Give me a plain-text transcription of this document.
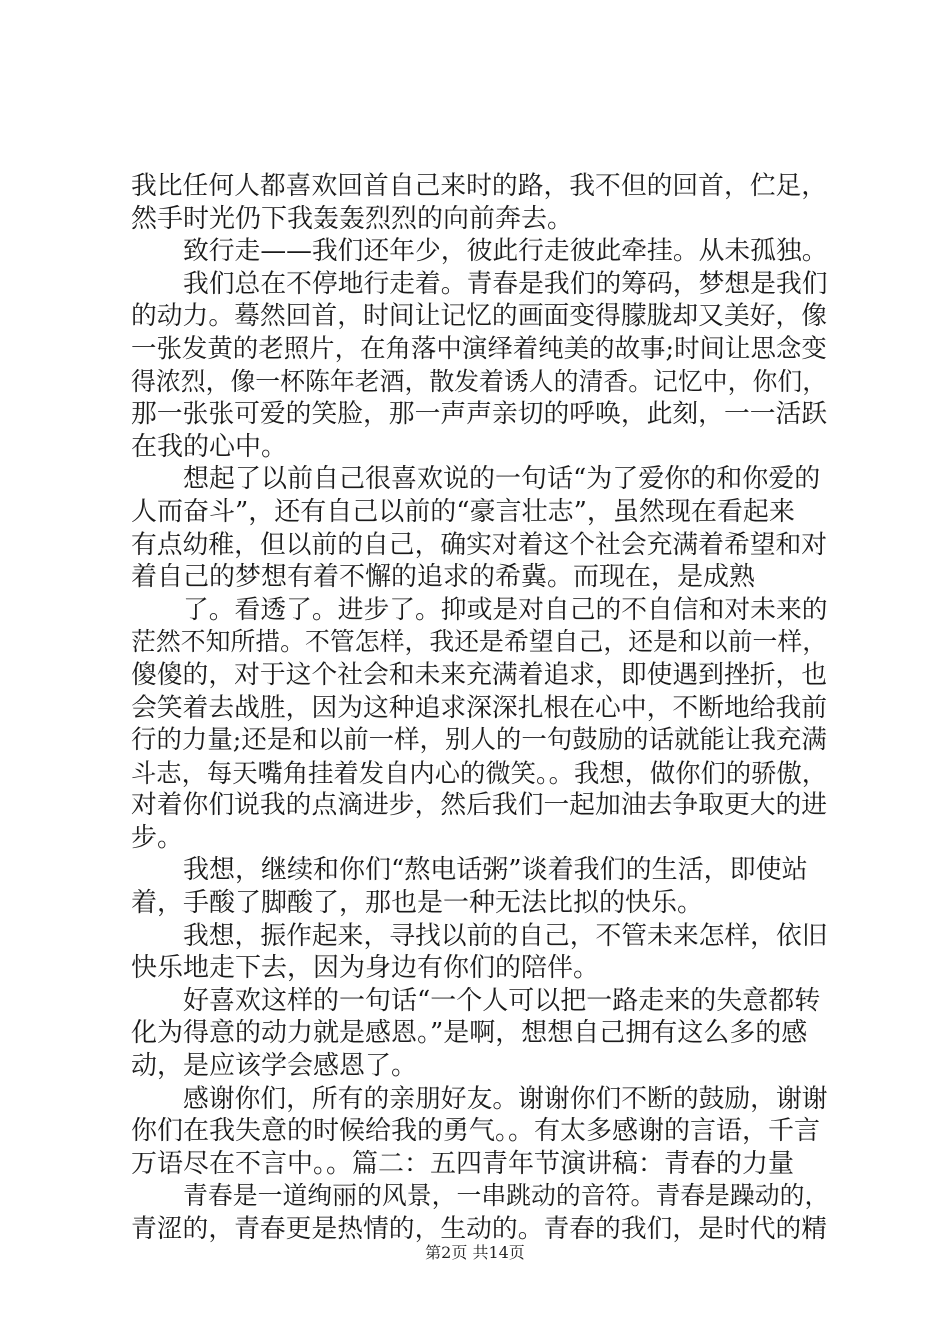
我比任何人都喜欢回首自己来时的路，我不但的回首，伫足，
然手时光仍下我轰轰烈烈的向前奔去。
致行走——我们还年少，彼此行走彼此牵挂。从未孤独。
我们总在不停地行走着。青春是我们的筹码，梦想是我们
的动力。蓦然回首，时间让记忆的画面变得朦胧却又美好，像
一张发黄的老照片，在角落中演绎着纯美的故事;时间让思念变
得浓烈，像一杯陈年老酒，散发着诱人的清香。记忆中，你们，
那一张张可爱的笑脸，那一声声亲切的呼唤，此刻，一一活跃
在我的心中。
想起了以前自己很喜欢说的一句话“为了爱你的和你爱的
人而奋斗”，还有自己以前的“豪言壮志”，虽然现在看起来
有点幼稚，但以前的自己，确实对着这个社会充满着希望和对
着自己的梦想有着不懈的追求的希冀。而现在，是成熟
了。看透了。进步了。抑或是对自己的不自信和对未来的
茫然不知所措。不管怎样，我还是希望自己，还是和以前一样，
傻傻的，对于这个社会和未来充满着追求，即使遇到挫折，也
会笑着去战胜，因为这种追求深深扎根在心中，不断地给我前
行的力量;还是和以前一样，别人的一句鼓励的话就能让我充满
斗志，每天嘴角挂着发自内心的微笑。。我想，做你们的骄傲，
对着你们说我的点滴进步，然后我们一起加油去争取更大的进
步。
我想，继续和你们“熬电话粥”谈着我们的生活，即使站
着，手酸了脚酸了，那也是一种无法比拟的快乐。
我想，振作起来，寻找以前的自己，不管未来怎样，依旧
快乐地走下去，因为身边有你们的陪伴。
好喜欢这样的一句话“一个人可以把一路走来的失意都转
化为得意的动力就是感恩。”是啊，想想自己拥有这么多的感
动，是应该学会感恩了。
感谢你们，所有的亲朋好友。谢谢你们不断的鼓励，谢谢
你们在我失意的时候给我的勇气。。有太多感谢的言语，千言
万语尽在不言中。。篇二：五四青年节演讲稿：青春的力量
青春是一道绚丽的风景，一串跳动的音符。青春是躁动的，
青涩的，青春更是热情的，生动的。青春的我们，是时代的精
第2页 共14页
